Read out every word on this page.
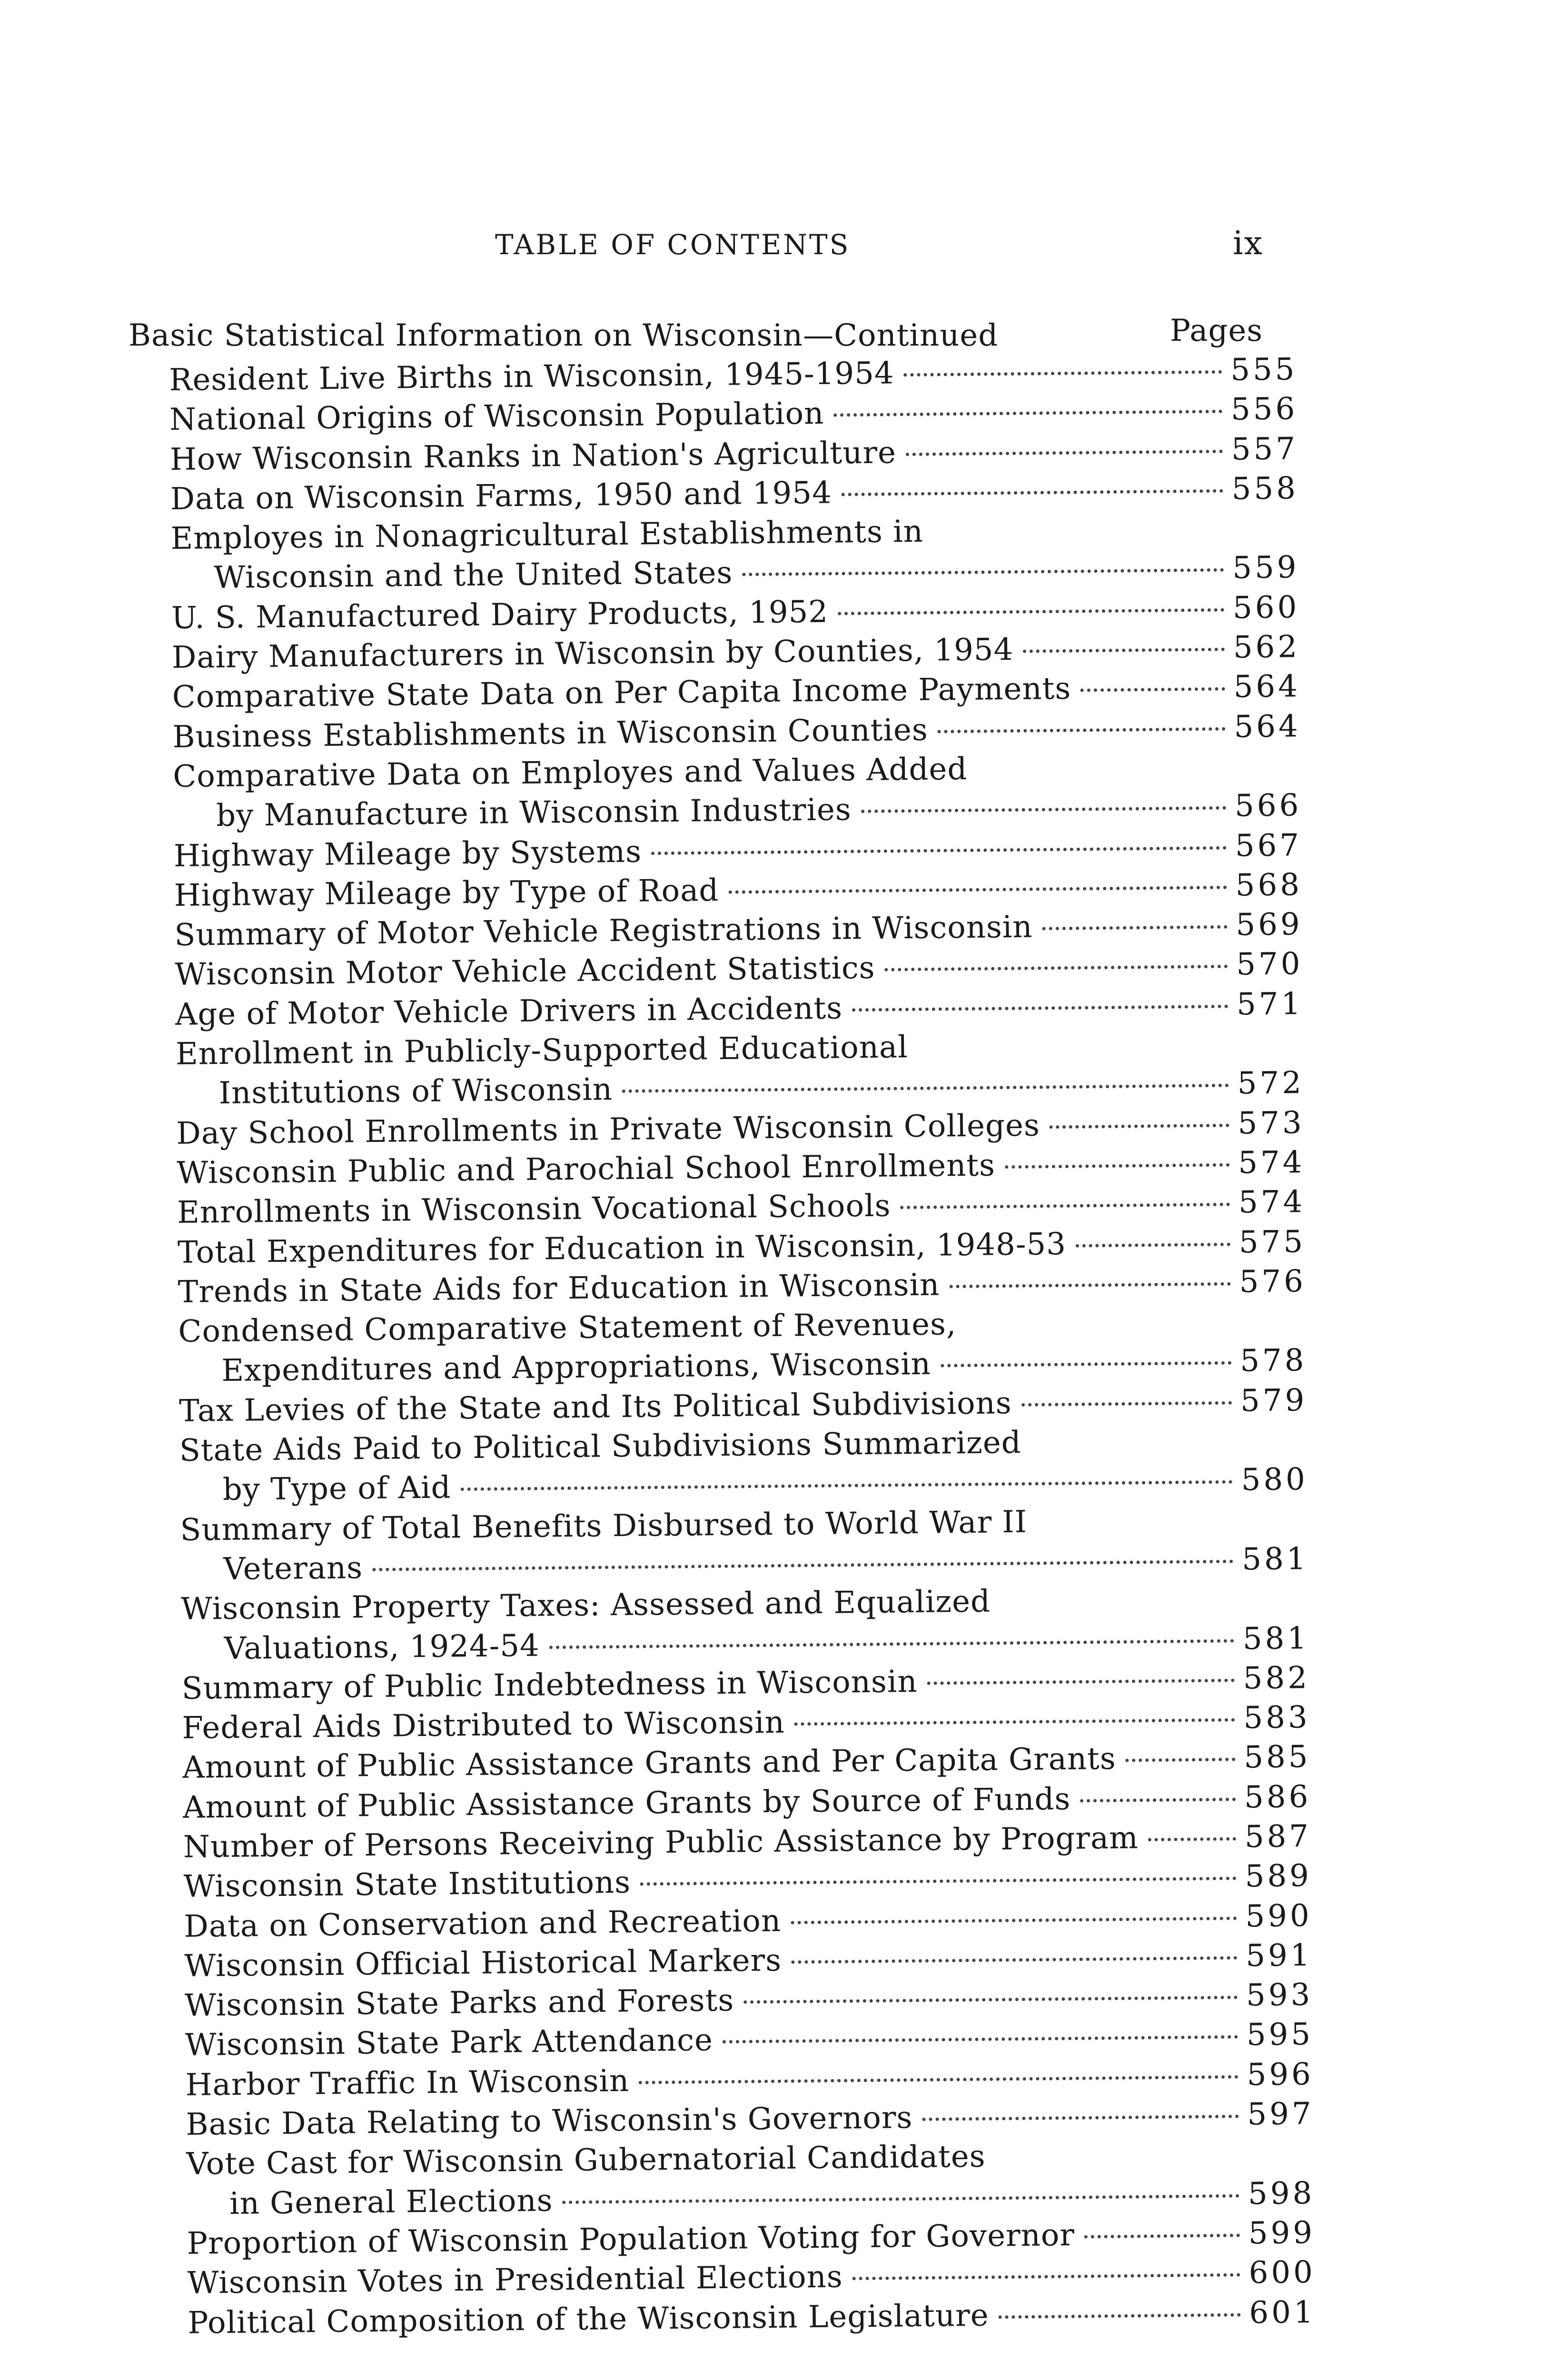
TABLE OF CONTENTS	ix
Basic Statistical Information on Wisconsin—Continued	Pages
Resident Live Births in Wisconsin, 1945-1954	555
National Origins of Wisconsin Population	556
How Wisconsin Ranks in Nation's Agriculture	557
Data on Wisconsin Farms, 1950 and 1954	558
Employes in Nonagricultural Establishments in
Wisconsin and the United States	559
U. S. Manufactured Dairy Products, 1952	560
Dairy Manufacturers in Wisconsin by Counties, 1954	562
Comparative State Data on Per Capita Income Payments	564
Business Establishments in Wisconsin Counties	564
Comparative Data on Employes and Values Added
by Manufacture in Wisconsin Industries	566
Highway Mileage by Systems	567
Highway Mileage by Type of Road	568
Summary of Motor Vehicle Registrations in Wisconsin	569
Wisconsin Motor Vehicle Accident Statistics	570
Age of Motor Vehicle Drivers in Accidents	571
Enrollment in Publicly-Supported Educational
Institutions of Wisconsin	572
Day School Enrollments in Private Wisconsin Colleges	573
Wisconsin Public and Parochial School Enrollments	574
Enrollments in Wisconsin Vocational Schools	574
Total Expenditures for Education in Wisconsin, 1948-53	575
Trends in State Aids for Education in Wisconsin	576
Condensed Comparative Statement of Revenues,
Expenditures and Appropriations, Wisconsin	578
Tax Levies of the State and Its Political Subdivisions	579
State Aids Paid to Political Subdivisions Summarized
by Type of Aid	580
Summary of Total Benefits Disbursed to World War II
Veterans	581
Wisconsin Property Taxes: Assessed and Equalized
Valuations, 1924-54	581
Summary of Public Indebtedness in Wisconsin	582
Federal Aids Distributed to Wisconsin	583
Amount of Public Assistance Grants and Per Capita Grants	585
Amount of Public Assistance Grants by Source of Funds	586
Number of Persons Receiving Public Assistance by Program	587
Wisconsin State Institutions	589
Data on Conservation and Recreation	590
Wisconsin Official Historical Markers	591
Wisconsin State Parks and Forests	593
Wisconsin State Park Attendance	595
Harbor Traffic In Wisconsin	596
Basic Data Relating to Wisconsin's Governors	597
Vote Cast for Wisconsin Gubernatorial Candidates
in General Elections	598
Proportion of Wisconsin Population Voting for Governor	599
Wisconsin Votes in Presidential Elections	600
Political Composition of the Wisconsin Legislature	601
